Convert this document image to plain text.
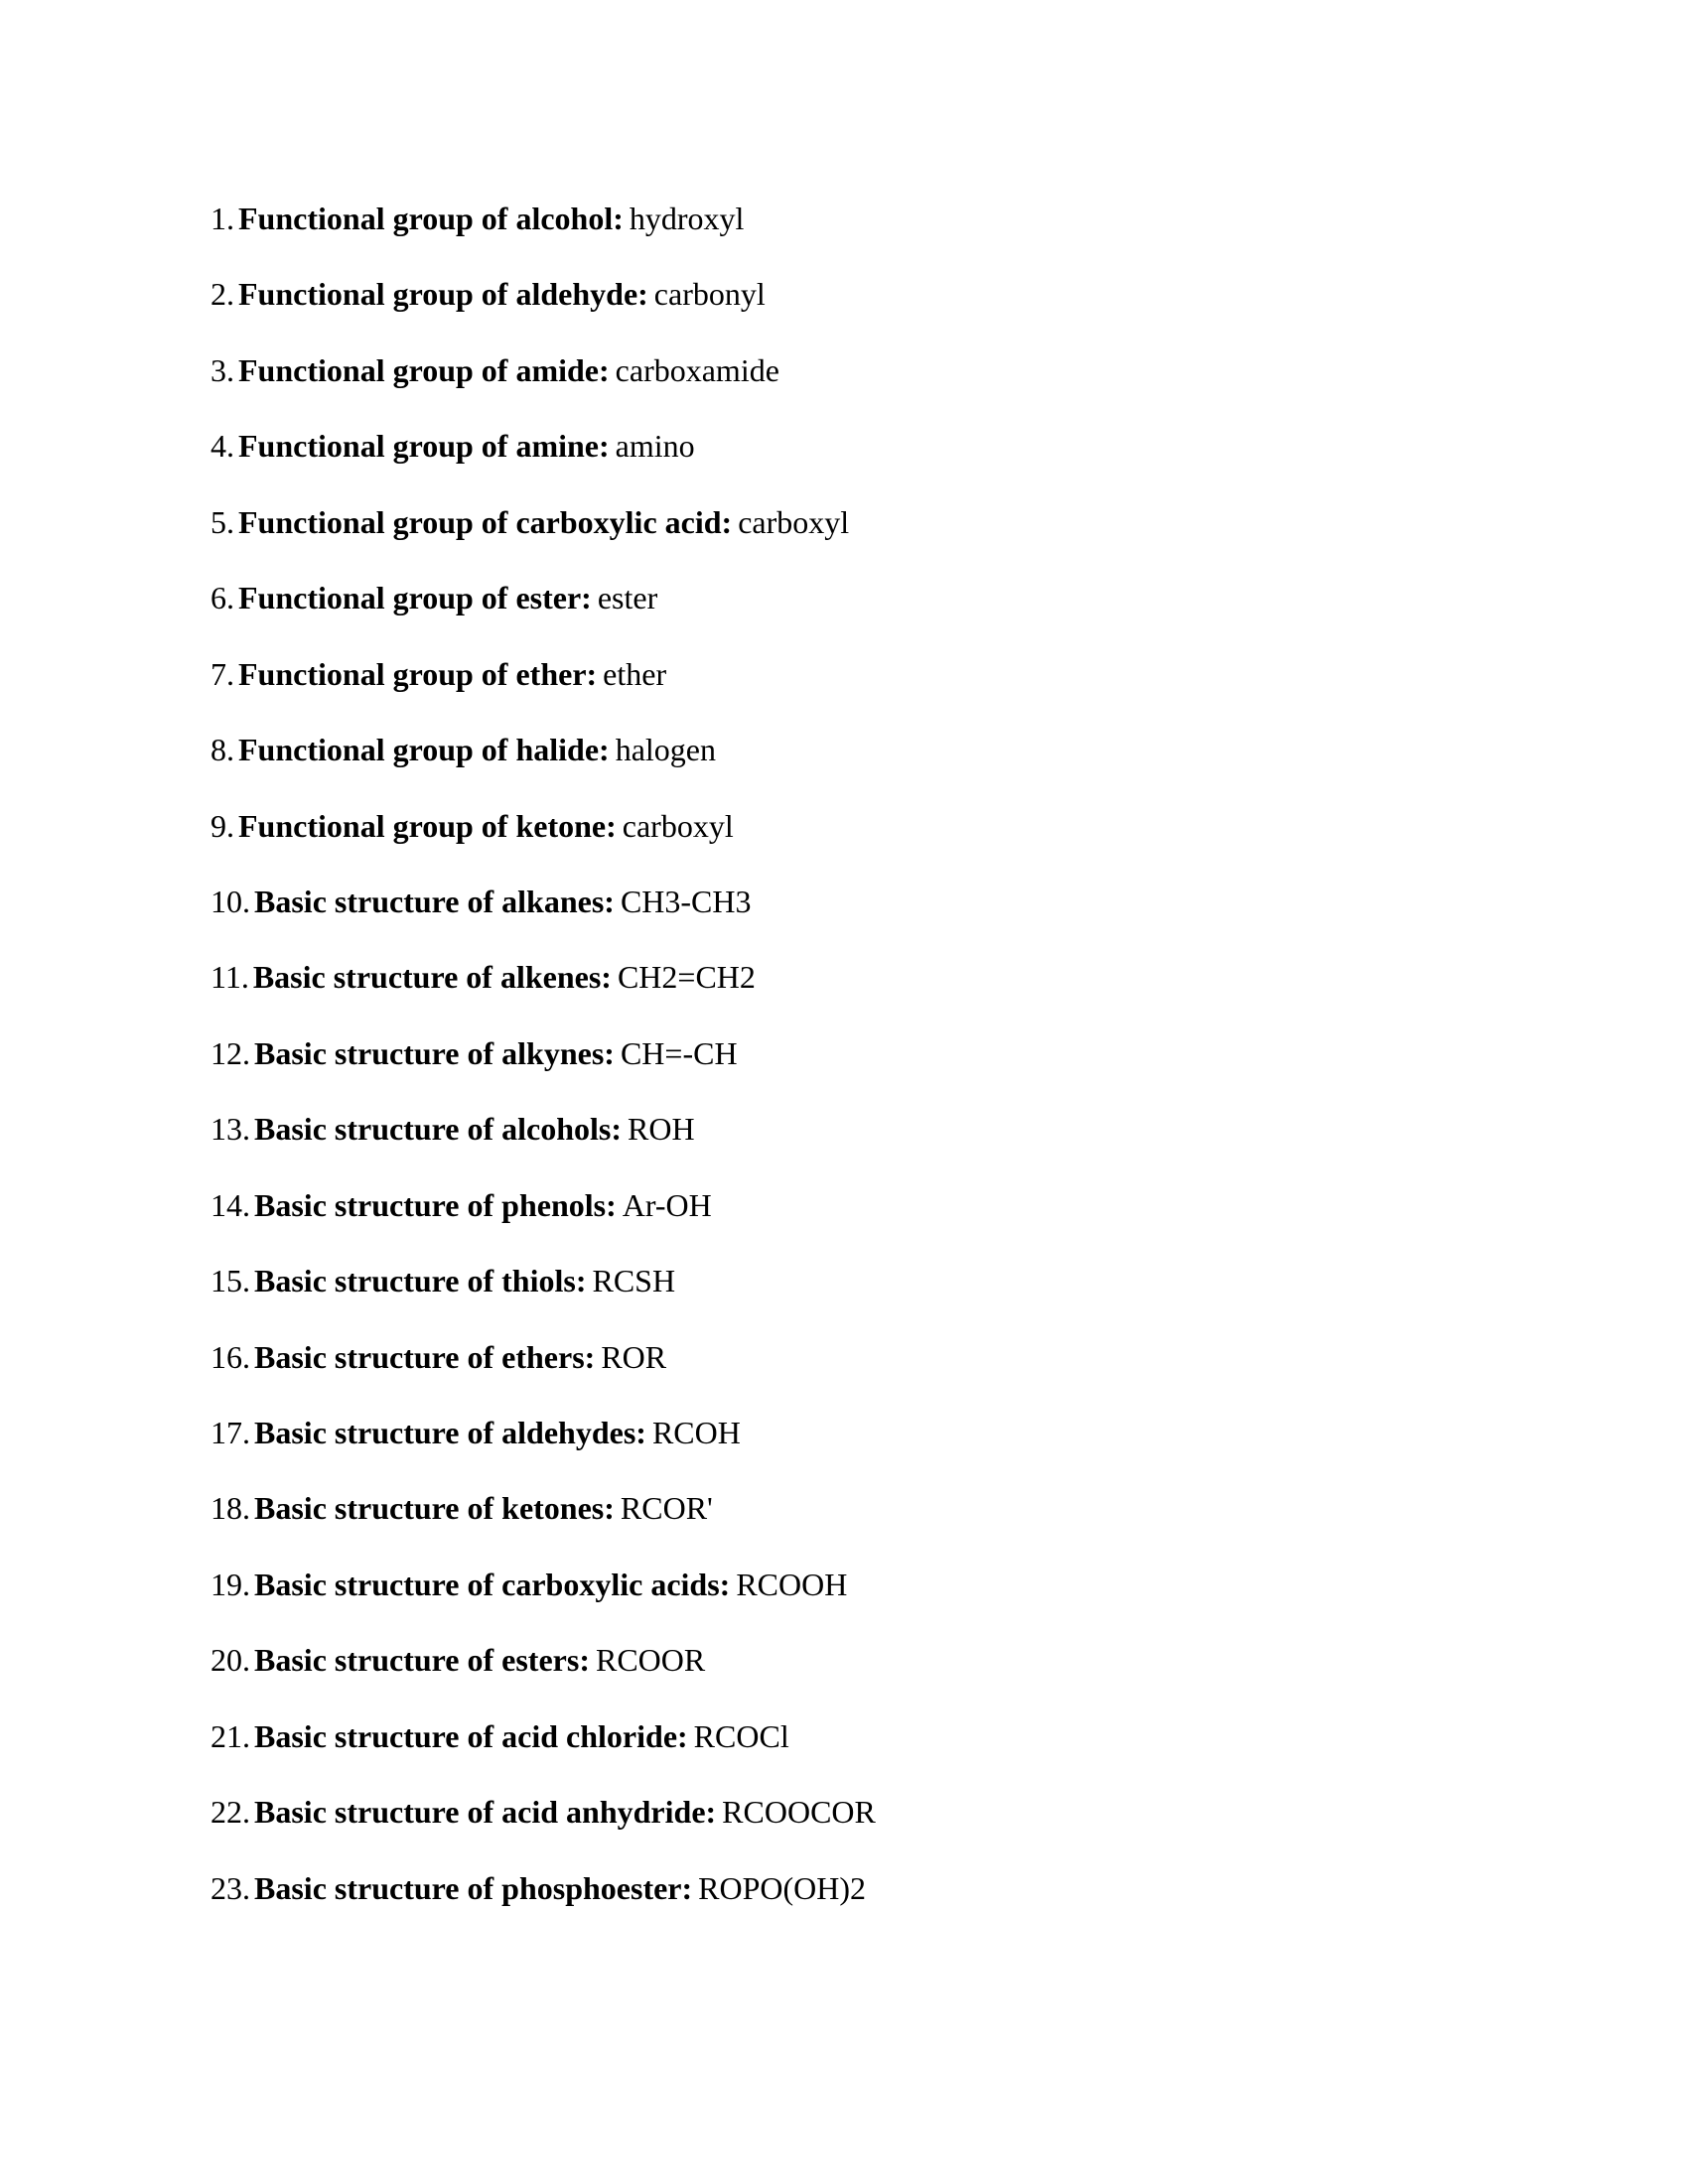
1. Functional group of alcohol: hydroxyl
2. Functional group of aldehyde: carbonyl
3. Functional group of amide: carboxamide
4. Functional group of amine: amino
5. Functional group of carboxylic acid: carboxyl
6. Functional group of ester: ester
7. Functional group of ether: ether
8. Functional group of halide: halogen
9. Functional group of ketone: carboxyl
10. Basic structure of alkanes: CH3-CH3
11. Basic structure of alkenes: CH2=CH2
12. Basic structure of alkynes: CH=-CH
13. Basic structure of alcohols: ROH
14. Basic structure of phenols: Ar-OH
15. Basic structure of thiols: RCSH
16. Basic structure of ethers: ROR
17. Basic structure of aldehydes: RCOH
18. Basic structure of ketones: RCOR'
19. Basic structure of carboxylic acids: RCOOH
20. Basic structure of esters: RCOOR
21. Basic structure of acid chloride: RCOCl
22. Basic structure of acid anhydride: RCOOCOR
23. Basic structure of phosphoester: ROPO(OH)2
